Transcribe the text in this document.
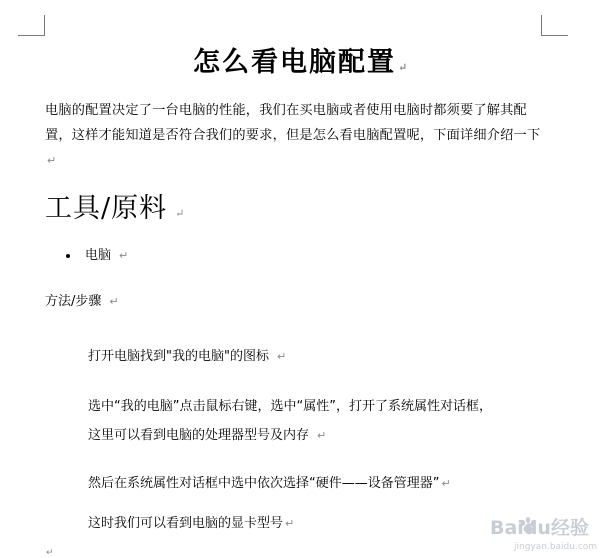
怎么看电脑配置 ↵
电脑的配置决定了一台电脑的性能，我们在买电脑或者使用电脑时都须要了解其配置，这样才能知道是否符合我们的要求，但是怎么看电脑配置呢，下面详细介绍一下↵
工具/原料 ↵
电脑 ↵
方法/步骤 ↵
打开电脑找到"我的电脑"的图标 ↵
选中“我的电脑”点击鼠标右键，选中“属性”，打开了系统属性对话框，
这里可以看到电脑的处理器型号及内存 ↵
然后在系统属性对话框中选中依次选择“硬件——设备管理器” ↵
这时我们可以看到电脑的显卡型号 ↵
↵
Baidu经验
jingyan.baidu.com
